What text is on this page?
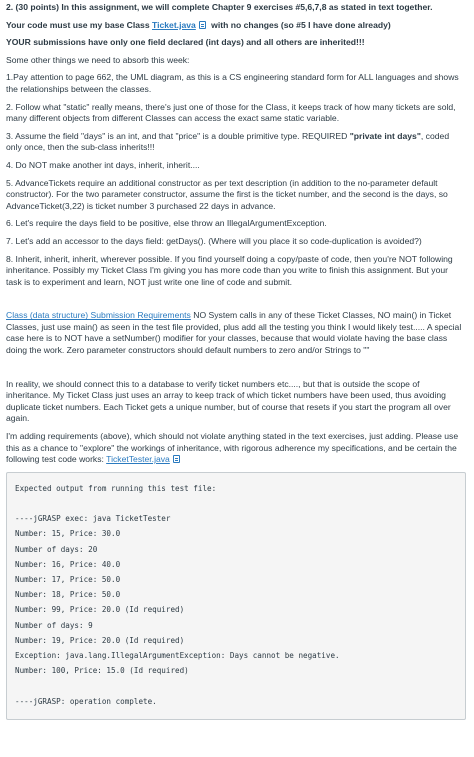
2. (30 points) In this assignment, we will complete Chapter 9 exercises #5,6,7,8 as stated in text together.

Your code must use my base Class Ticket.java with no changes (so #5 I have done already)

YOUR submissions have only one field declared (int days) and all others are inherited!!!

Some other things we need to absorb this week:

1.Pay attention to page 662, the UML diagram, as this is a CS engineering standard form for ALL languages and shows the relationships between the classes.

2. Follow what "static" really means, there's just one of those for the Class, it keeps track of how many tickets are sold, many different objects from different Classes can access the exact same static variable.

3. Assume the field "days" is an int, and that "price" is a double primitive type. REQUIRED "private int days", coded only once, then the sub-class inherits!!!

4. Do NOT make another int days, inherit, inherit....

5. AdvanceTickets require an additional constructor as per text description (in addition to the no-parameter default constructor). For the two parameter constructor, assume the first is the ticket number, and the second is the days, so AdvanceTicket(3,22) is ticket number 3 purchased 22 days in advance.

6. Let's require the days field to be positive, else throw an IllegalArgumentException.

7. Let's add an accessor to the days field: getDays(). (Where will you place it so code-duplication is avoided?)

8. Inherit, inherit, inherit, wherever possible. If you find yourself doing a copy/paste of code, then you're NOT following inheritance. Possibly my Ticket Class I'm giving you has more code than you write to finish this assignment. But your task is to experiment and learn, NOT just write one line of code and submit.

Class (data structure) Submission Requirements NO System calls in any of these Ticket Classes, NO main() in Ticket Classes, just use main() as seen in the test file provided, plus add all the testing you think I would likely test..... A special case here is to NOT have a setNumber() modifier for your classes, because that would violate having the base class doing the work. Zero parameter constructors should default numbers to zero and/or Strings to ""

In reality, we should connect this to a database to verify ticket numbers etc...., but that is outside the scope of inheritance. My Ticket Class just uses an array to keep track of which ticket numbers have been used, thus avoiding duplicate ticket numbers. Each Ticket gets a unique number, but of course that resets if you start the program all over again.

I'm adding requirements (above), which should not violate anything stated in the text exercises, just adding. Please use this as a chance to "explore" the workings of inheritance, with rigorous adherence my specifications, and be certain the following test code works: TicketTester.java

Expected output from running this test file:

----jGRASP exec: java TicketTester
Number: 15, Price: 30.0
Number of days: 20
Number: 16, Price: 40.0
Number: 17, Price: 50.0
Number: 18, Price: 50.0
Number: 99, Price: 20.0 (Id required)
Number of days: 9
Number: 19, Price: 20.0 (Id required)
Exception: java.lang.IllegalArgumentException: Days cannot be negative.
Number: 100, Price: 15.0 (Id required)

----jGRASP: operation complete.
